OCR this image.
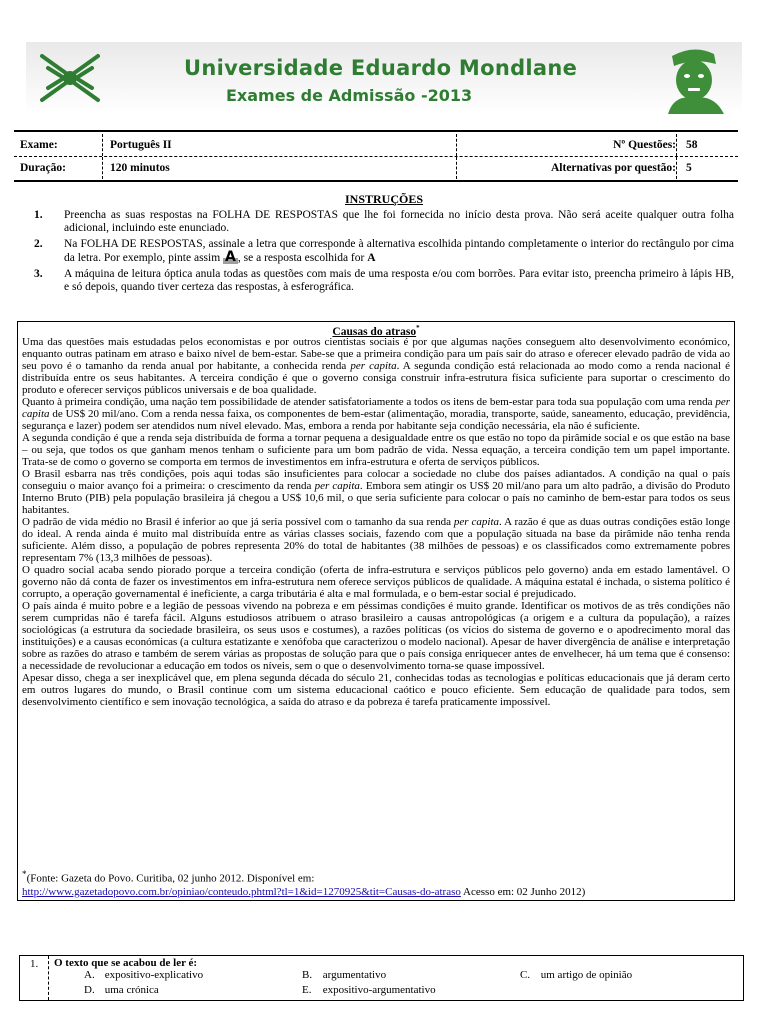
Universidade Eduardo Mondlane
Exames de Admissão -2013
Exame:	Português II	Nº Questões: 58
Duração:	120 minutos	Alternativas por questão: 5
INSTRUÇÕES
1. Preencha as suas respostas na FOLHA DE RESPOSTAS que lhe foi fornecida no início desta prova. Não será aceite qualquer outra folha adicional, incluindo este enunciado.
2. Na FOLHA DE RESPOSTAS, assinale a letra que corresponde à alternativa escolhida pintando completamente o interior do rectângulo por cima da letra. Por exemplo, pinte assim A , se a resposta escolhida for A
3. A máquina de leitura óptica anula todas as questões com mais de uma resposta e/ou com borrões. Para evitar isto, preencha primeiro à lápis HB, e só depois, quando tiver certeza das respostas, à esferográfica.
Causas do atraso*

Uma das questões mais estudadas pelos economistas e por outros cientistas sociais é por que algumas nações conseguem alto desenvolvimento económico, enquanto outras patinam em atraso e baixo nível de bem-estar. Sabe-se que a primeira condição para um país sair do atraso e oferecer elevado padrão de vida ao seu povo é o tamanho da renda anual por habitante, a conhecida renda per capita. A segunda condição está relacionada ao modo como a renda nacional é distribuída entre os seus habitantes. A terceira condição é que o governo consiga construir infra-estrutura física suficiente para suportar o crescimento do produto e oferecer serviços públicos universais e de boa qualidade.

Quanto à primeira condição, uma nação tem possibilidade de atender satisfatoriamente a todos os itens de bem-estar para toda sua população com uma renda per capita de US$ 20 mil/ano. Com a renda nessa faixa, os componentes de bem-estar (alimentação, moradia, transporte, saúde, saneamento, educação, previdência, segurança e lazer) podem ser atendidos num nível elevado. Mas, embora a renda por habitante seja condição necessária, ela não é suficiente.

A segunda condição é que a renda seja distribuída de forma a tornar pequena a desigualdade entre os que estão no topo da pirâmide social e os que estão na base – ou seja, que todos os que ganham menos tenham o suficiente para um bom padrão de vida. Nessa equação, a terceira condição tem um papel importante. Trata-se de como o governo se comporta em termos de investimentos em infra-estrutura e oferta de serviços públicos.

O Brasil esbarra nas três condições, pois aqui todas são insuficientes para colocar a sociedade no clube dos países adiantados. A condição na qual o país conseguiu o maior avanço foi a primeira: o crescimento da renda per capita. Embora sem atingir os US$ 20 mil/ano para um alto padrão, a divisão do Produto Interno Bruto (PIB) pela população brasileira já chegou a US$ 10,6 mil, o que seria suficiente para colocar o país no caminho de bem-estar para todos os seus habitantes.

O padrão de vida médio no Brasil é inferior ao que já seria possível com o tamanho da sua renda per capita. A razão é que as duas outras condições estão longe do ideal. A renda ainda é muito mal distribuída entre as várias classes sociais, fazendo com que a população situada na base da pirâmide não tenha renda suficiente. Além disso, a população de pobres representa 20% do total de habitantes (38 milhões de pessoas) e os classificados como extremamente pobres representam 7% (13,3 milhões de pessoas).

O quadro social acaba sendo piorado porque a terceira condição (oferta de infra-estrutura e serviços públicos pelo governo) anda em estado lamentável. O governo não dá conta de fazer os investimentos em infra-estrutura nem oferece serviços públicos de qualidade. A máquina estatal é inchada, o sistema político é corrupto, a operação governamental é ineficiente, a carga tributária é alta e mal formulada, e o bem-estar social é prejudicado.

O país ainda é muito pobre e a legião de pessoas vivendo na pobreza e em péssimas condições é muito grande. Identificar os motivos de as três condições não serem cumpridas não é tarefa fácil. Alguns estudiosos atribuem o atraso brasileiro a causas antropológicas (a origem e a cultura da população), a raízes sociológicas (a estrutura da sociedade brasileira, os seus usos e costumes), a razões políticas (os vícios do sistema de governo e o apodrecimento moral das instituições) e a causas económicas (a cultura estatizante e xenófoba que caracterizou o modelo nacional). Apesar de haver divergência de análise e interpretação sobre as razões do atraso e também de serem várias as propostas de solução para que o país consiga enriquecer antes de envelhecer, há um tema que é consenso: a necessidade de revolucionar a educação em todos os níveis, sem o que o desenvolvimento torna-se quase impossível.

Apesar disso, chega a ser inexplicável que, em plena segunda década do século 21, conhecidas todas as tecnologias e políticas educacionais que já deram certo em outros lugares do mundo, o Brasil continue com um sistema educacional caótico e pouco eficiente. Sem educação de qualidade para todos, sem desenvolvimento científico e sem inovação tecnológica, a saída do atraso e da pobreza é tarefa praticamente impossível.

*(Fonte: Gazeta do Povo. Curitiba, 02 junho 2012. Disponível em:
http://www.gazetadopovo.com.br/opiniao/conteudo.phtml?tl=1&id=1270925&tit=Causas-do-atraso Acesso em: 02 Junho 2012)
1. O texto que se acabou de ler é:
A. expositivo-explicativo	B. argumentativo	C. um artigo de opinião
D. uma crónica	E. expositivo-argumentativo
